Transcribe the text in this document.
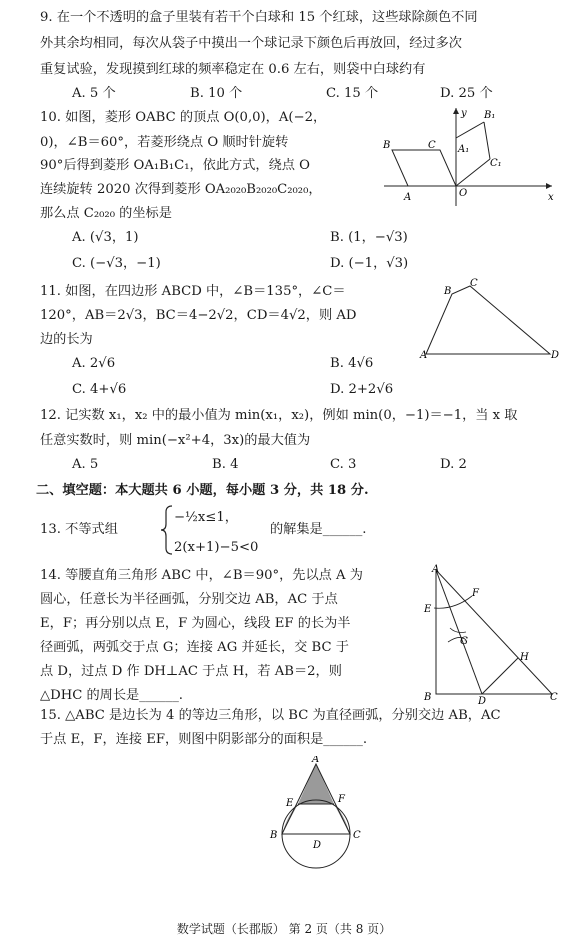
9. 在一个不透明的盒子里装有若干个白球和 15 个红球，这些球除颜色不同
外其余均相同，每次从袋子中摸出一个球记录下颜色后再放回，经过多次
重复试验，发现摸到红球的频率稳定在 0.6 左右，则袋中白球约有
A. 5 个	B. 10 个	C. 15 个	D. 25 个
10. 如图，菱形 OABC 的顶点 O(0,0)，A(−2，
0)，∠B＝60°，若菱形绕点 O 顺时针旋转
90°后得到菱形 OA₁B₁C₁，依此方式，绕点 O
连续旋转 2020 次得到菱形 OA₂₀₂₀B₂₀₂₀C₂₀₂₀，
那么点 C₂₀₂₀ 的坐标是
A. (√3，1)	B. (1，−√3)
C. (−√3，−1)	D. (−1，√3)
y B₁
C A₁
C₁
O
A
B
x
11. 如图，在四边形 ABCD 中，∠B＝135°，∠C＝
120°，AB＝2√3，BC＝4−2√2，CD＝4√2，则 AD
边的长为
A. 2√6	B. 4√6
C. 4+√6	D. 2+2√6
A
B
C
D
12. 记实数 x₁，x₂ 中的最小值为 min(x₁，x₂)，例如 min(0，−1)＝−1，当 x 取
任意实数时，则 min(−x²+4，3x)的最大值为
A. 5	B. 4	C. 3	D. 2
二、填空题：本大题共 6 小题，每小题 3 分，共 18 分.
13. 不等式组
−½x≤1，
2(x+1)−5<0
的解集是______.
14. 等腰直角三角形 ABC 中，∠B＝90°，先以点 A 为
圆心，任意长为半径画弧，分别交边 AB，AC 于点
E，F；再分别以点 E，F 为圆心，线段 EF 的长为半
径画弧，两弧交于点 G；连接 AG 并延长，交 BC 于
点 D，过点 D 作 DH⊥AC 于点 H，若 AB＝2，则
△DHC 的周长是______.
A
E
F
G
H
B	D	C
15. △ABC 是边长为 4 的等边三角形，以 BC 为直径画弧，分别交边 AB，AC
于点 E，F，连接 EF，则图中阴影部分的面积是______.
A
E	F
B
D
C
数学试题（长郡版） 第 2 页（共 8 页）
